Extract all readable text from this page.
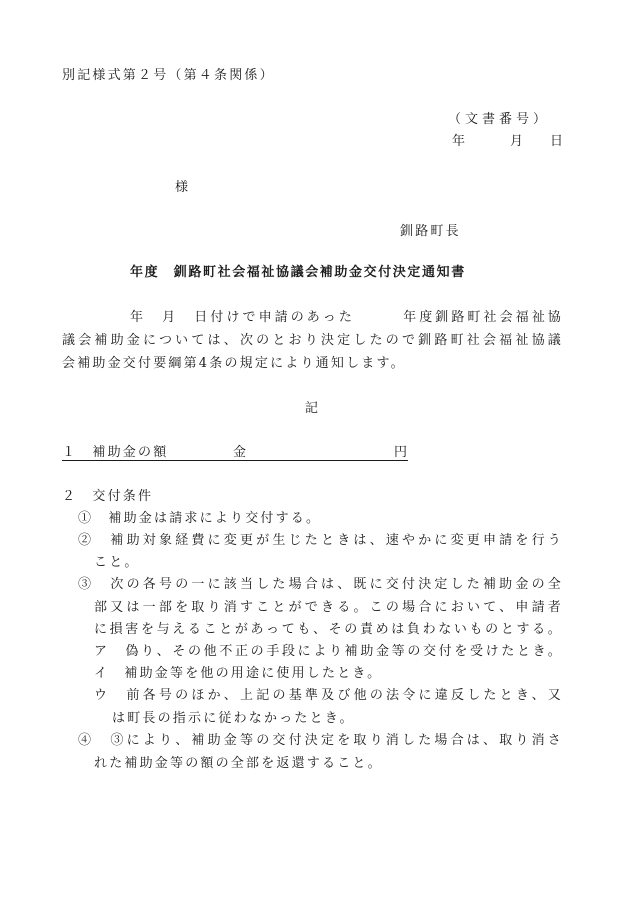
別記様式第２号（第４条関係）
（文書番号）
年	月 日
様
釧路町長
年度　釧路町社会福祉協議会補助金交付決定通知書
年　月　日付けで申請のあった　　　年度釧路町社会福祉協
議会補助金については、次のとおり決定したので釧路町社会福祉協議
会補助金交付要綱第4条の規定により通知します。
記
１　補助金の額	金	円
２　交付条件
①　補助金は請求により交付する。
②　補助対象経費に変更が生じたときは、速やかに変更申請を行う
こと。
③　次の各号の一に該当した場合は、既に交付決定した補助金の全
部又は一部を取り消すことができる。この場合において、申請者
に損害を与えることがあっても、その責めは負わないものとする。
ア　偽り、その他不正の手段により補助金等の交付を受けたとき。
イ　補助金等を他の用途に使用したとき。
ウ　前各号のほか、上記の基準及び他の法令に違反したとき、又
は町長の指示に従わなかったとき。
④　③により、補助金等の交付決定を取り消した場合は、取り消さ
れた補助金等の額の全部を返還すること。
